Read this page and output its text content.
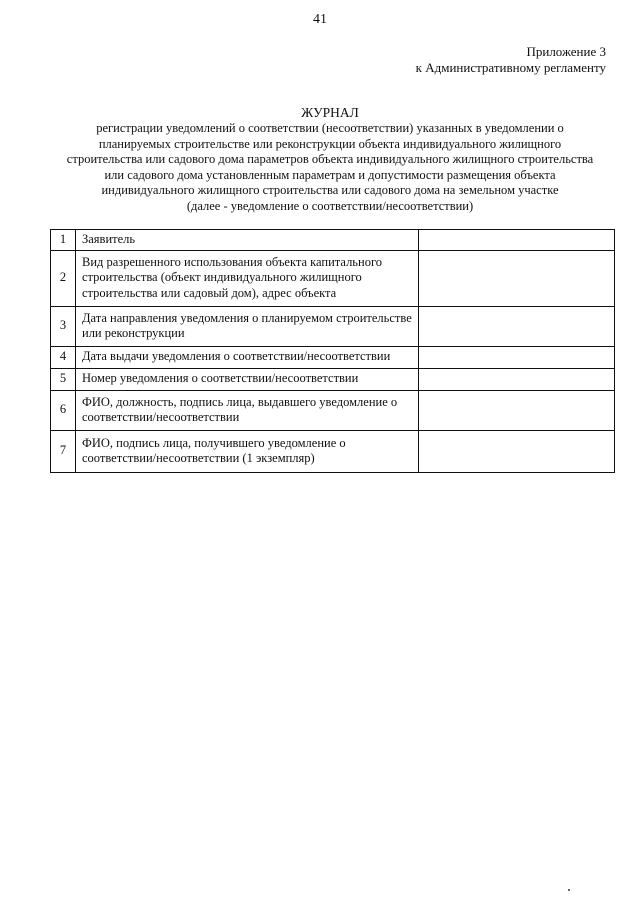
41
Приложение 3
к Административному регламенту
ЖУРНАЛ
регистрации уведомлений о соответствии (несоответствии) указанных в уведомлении о
планируемых строительстве или реконструкции объекта индивидуального жилищного
строительства или садового дома параметров объекта индивидуального жилищного строительства
или садового дома установленным параметрам и допустимости размещения объекта
индивидуального жилищного строительства или садового дома на земельном участке
(далее - уведомление о соответствии/несоответствии)
1	Заявитель	
2	Вид разрешенного использования объекта капитального строительства (объект индивидуального жилищного строительства или садовый дом), адрес объекта	
3	Дата направления уведомления о планируемом строительстве или реконструкции	
4	Дата выдачи уведомления о соответствии/несоответствии	
5	Номер уведомления о соответствии/несоответствии	
6	ФИО, должность, подпись лица, выдавшего уведомление о соответствии/несоответствии	
7	ФИО, подпись лица, получившего уведомление о соответствии/несоответствии (1 экземпляр)	
